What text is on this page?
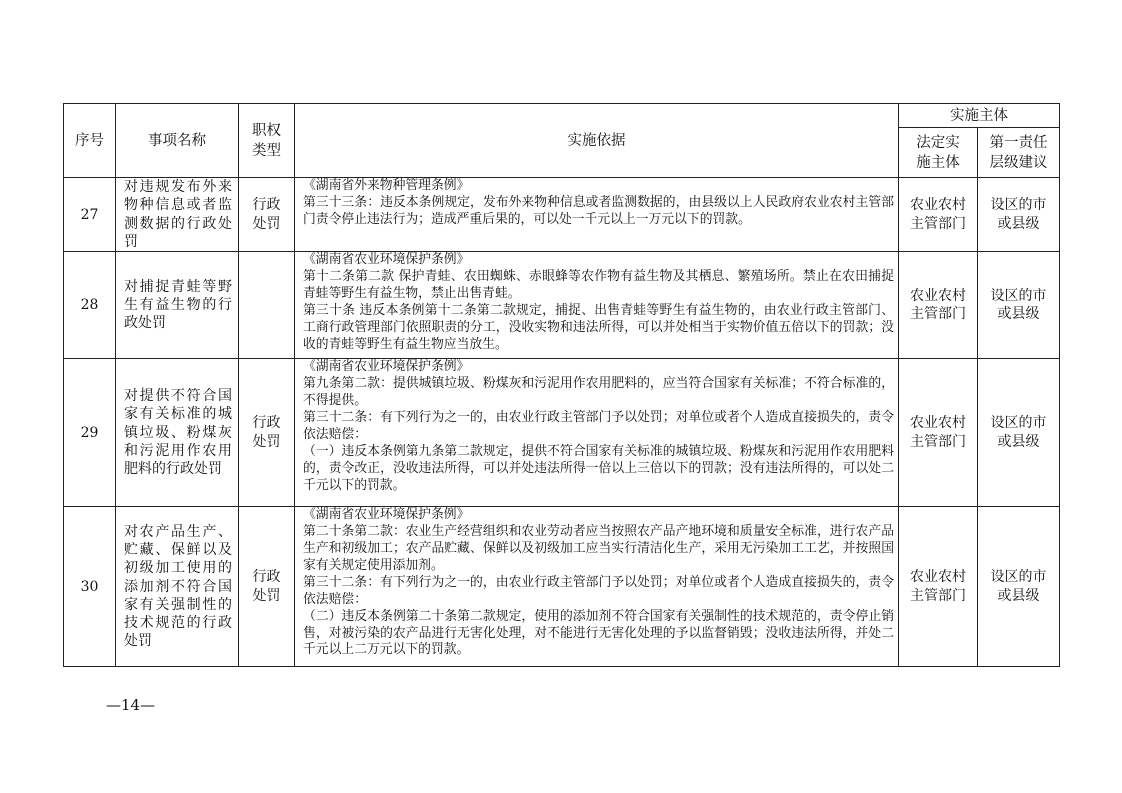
序号	事项名称	职权类型	实施依据	实施主体	
				法定实施主体	第一责任层级建议
27	对违规发布外来物种信息或者监测数据的行政处罚	行政处罚	《湖南省外来物种管理条例》
第三十三条：违反本条例规定，发布外来物种信息或者监测数据的，由县级以上人民政府农业农村主管部门责令停止违法行为；造成严重后果的，可以处一千元以上一万元以下的罚款。	农业农村主管部门	设区的市或县级
28	对捕捉青蛙等野生有益生物的行政处罚		《湖南省农业环境保护条例》
第十二条第二款 保护青蛙、农田蜘蛛、赤眼蜂等农作物有益生物及其栖息、繁殖场所。禁止在农田捕捉青蛙等野生有益生物，禁止出售青蛙。
第三十条 违反本条例第十二条第二款规定，捕捉、出售青蛙等野生有益生物的，由农业行政主管部门、工商行政管理部门依照职责的分工，没收实物和违法所得，可以并处相当于实物价值五倍以下的罚款；没收的青蛙等野生有益生物应当放生。	农业农村主管部门	设区的市或县级
29	对提供不符合国家有关标准的城镇垃圾、粉煤灰和污泥用作农用肥料的行政处罚	行政处罚	《湖南省农业环境保护条例》
第九条第二款：提供城镇垃圾、粉煤灰和污泥用作农用肥料的，应当符合国家有关标准；不符合标准的，不得提供。
第三十二条：有下列行为之一的，由农业行政主管部门予以处罚；对单位或者个人造成直接损失的，责令依法赔偿：
（一）违反本条例第九条第二款规定，提供不符合国家有关标准的城镇垃圾、粉煤灰和污泥用作农用肥料的，责令改正，没收违法所得，可以并处违法所得一倍以上三倍以下的罚款；没有违法所得的，可以处二千元以下的罚款。	农业农村主管部门	设区的市或县级
30	对农产品生产、贮藏、保鲜以及初级加工使用的添加剂不符合国家有关强制性的技术规范的行政处罚	行政处罚	《湖南省农业环境保护条例》
第二十条第二款：农业生产经营组织和农业劳动者应当按照农产品产地环境和质量安全标准，进行农产品生产和初级加工；农产品贮藏、保鲜以及初级加工应当实行清洁化生产，采用无污染加工工艺，并按照国家有关规定使用添加剂。
第三十二条：有下列行为之一的，由农业行政主管部门予以处罚；对单位或者个人造成直接损失的，责令依法赔偿：
（二）违反本条例第二十条第二款规定，使用的添加剂不符合国家有关强制性的技术规范的，责令停止销售，对被污染的农产品进行无害化处理，对不能进行无害化处理的予以监督销毁；没收违法所得，并处二千元以上二万元以下的罚款。	农业农村主管部门	设区的市或县级
—14—
